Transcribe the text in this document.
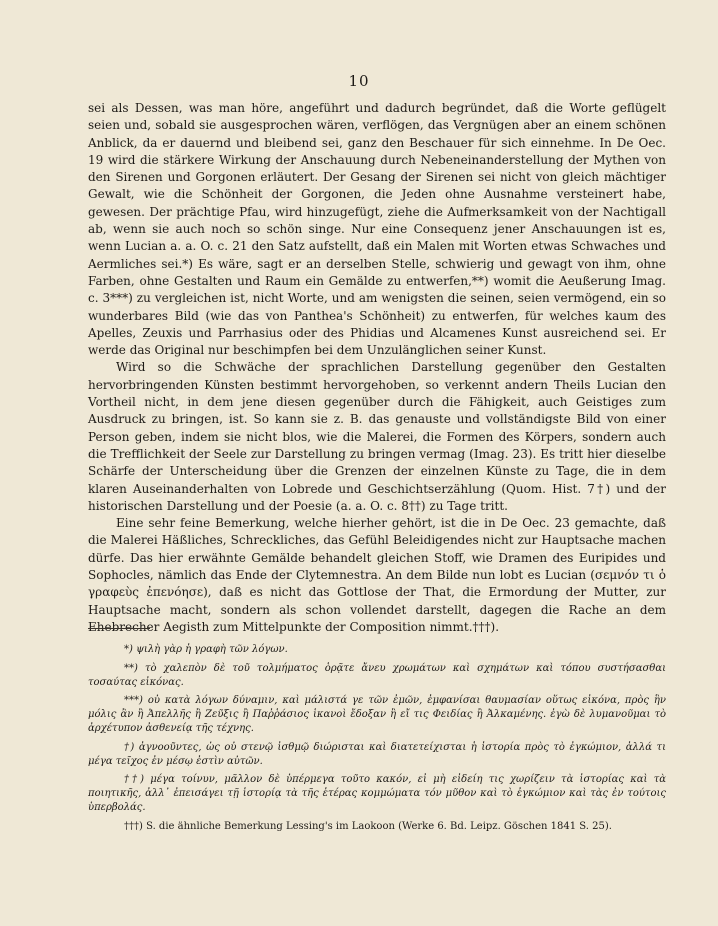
10

sei als Dessen, was man höre, angeführt und dadurch begründet, daß die Worte geflügelt seien und, sobald sie ausgesprochen wären, verflögen, das Vergnügen aber an einem schönen Anblick, da er dauernd und bleibend sei, ganz den Beschauer für sich einnehme. In De Oec. 19 wird die stärkere Wirkung der Anschauung durch Nebeneinanderstellung der Mythen von den Sirenen und Gorgonen erläutert. Der Gesang der Sirenen sei nicht von gleich mächtiger Gewalt, wie die Schönheit der Gorgonen, die Jeden ohne Ausnahme versteinert habe, gewesen. Der prächtige Pfau, wird hinzugefügt, ziehe die Aufmerksamkeit von der Nachtigall ab, wenn sie auch noch so schön singe. Nur eine Consequenz jener Anschauungen ist es, wenn Lucian a. a. O. c. 21 den Satz aufstellt, daß ein Malen mit Worten etwas Schwaches und Aermliches sei.*) Es wäre, sagt er an derselben Stelle, schwierig und gewagt von ihm, ohne Farben, ohne Gestalten und Raum ein Gemälde zu entwerfen,**) womit die Aeußerung Imag. c. 3***) zu vergleichen ist, nicht Worte, und am wenigsten die seinen, seien vermögend, ein so wunderbares Bild (wie das von Panthea's Schönheit) zu entwerfen, für welches kaum des Apelles, Zeuxis und Parrhasius oder des Phidias und Alcamenes Kunst ausreichend sei. Er werde das Original nur beschimpfen bei dem Unzulänglichen seiner Kunst.

Wird so die Schwäche der sprachlichen Darstellung gegenüber den Gestalten hervorbringenden Künsten bestimmt hervorgehoben, so verkennt andern Theils Lucian den Vortheil nicht, in dem jene diesen gegenüber durch die Fähigkeit, auch Geistiges zum Ausdruck zu bringen, ist. So kann sie z. B. das genauste und vollständigste Bild von einer Person geben, indem sie nicht blos, wie die Malerei, die Formen des Körpers, sondern auch die Trefflichkeit der Seele zur Darstellung zu bringen vermag (Imag. 23). Es tritt hier dieselbe Schärfe der Unterscheidung über die Grenzen der einzelnen Künste zu Tage, die in dem klaren Auseinanderhalten von Lobrede und Geschichtserzählung (Quom. Hist. 7†) und der historischen Darstellung und der Poesie (a. a. O. c. 8††) zu Tage tritt.

Eine sehr feine Bemerkung, welche hierher gehört, ist die in De Oec. 23 gemachte, daß die Malerei Häßliches, Schreckliches, das Gefühl Beleidigendes nicht zur Hauptsache machen dürfe. Das hier erwähnte Gemälde behandelt gleichen Stoff, wie Dramen des Euripides und Sophocles, nämlich das Ende der Clytemnestra. An dem Bilde nun lobt es Lucian (σεμνόν τι ὁ γραφεὺς ἐπενόησε), daß es nicht das Gottlose der That, die Ermordung der Mutter, zur Hauptsache macht, sondern als schon vollendet darstellt, dagegen die Rache an dem Ehebrecher Aegisth zum Mittelpunkte der Composition nimmt.†††).

*) ψιλὴ γὰρ ἡ γραφὴ τῶν λόγων.

**) τὸ χαλεπὸν δὲ τοῦ τολμήματος ὁρᾷτε ἄνευ χρωμάτων καὶ σχημάτων καὶ τόπου συστήσασθαι τοσαύτας εἰκόνας.

***) οὐ κατὰ λόγων δύναμιν, καὶ μάλιστά γε τῶν ἐμῶν, ἐμφανίσαι θαυμασίαν οὕτως εἰκόνα, πρὸς ἣν μόλις ἂν ἢ Ἀπελλῆς ἢ Ζεῦξις ἢ Παῤῥάσιος ἱκανοὶ ἔδοξαν ἢ εἴ τις Φειδίας ἢ Ἀλκαμένης. ἐγὼ δὲ λυμανοῦμαι τὸ ἀρχέτυπον ἀσθενείᾳ τῆς τέχνης.

†) ἀγνοοῦντες, ὡς οὐ στενῷ ἰσθμῷ διώρισται καὶ διατετείχισται ἡ ἱστορία πρὸς τὸ ἐγκώμιον, ἀλλά τι μέγα τεῖχος ἐν μέσῳ ἐστὶν αὐτῶν.

††) μέγα τοίνυν, μᾶλλον δὲ ὑπέρμεγα τοῦτο κακόν, εἰ μὴ εἰδείη τις χωρίζειν τὰ ἱστορίας καὶ τὰ ποιητικῆς, ἀλλ᾽ ἐπεισάγει τῇ ἱστορίᾳ τὰ τῆς ἑτέρας κομμώματα τόν μῦθον καὶ τὸ ἐγκώμιον καὶ τὰς ἐν τούτοις ὑπερβολάς.

†††) S. die ähnliche Bemerkung Lessing's im Laokoon (Werke 6. Bd. Leipz. Göschen 1841 S. 25).
